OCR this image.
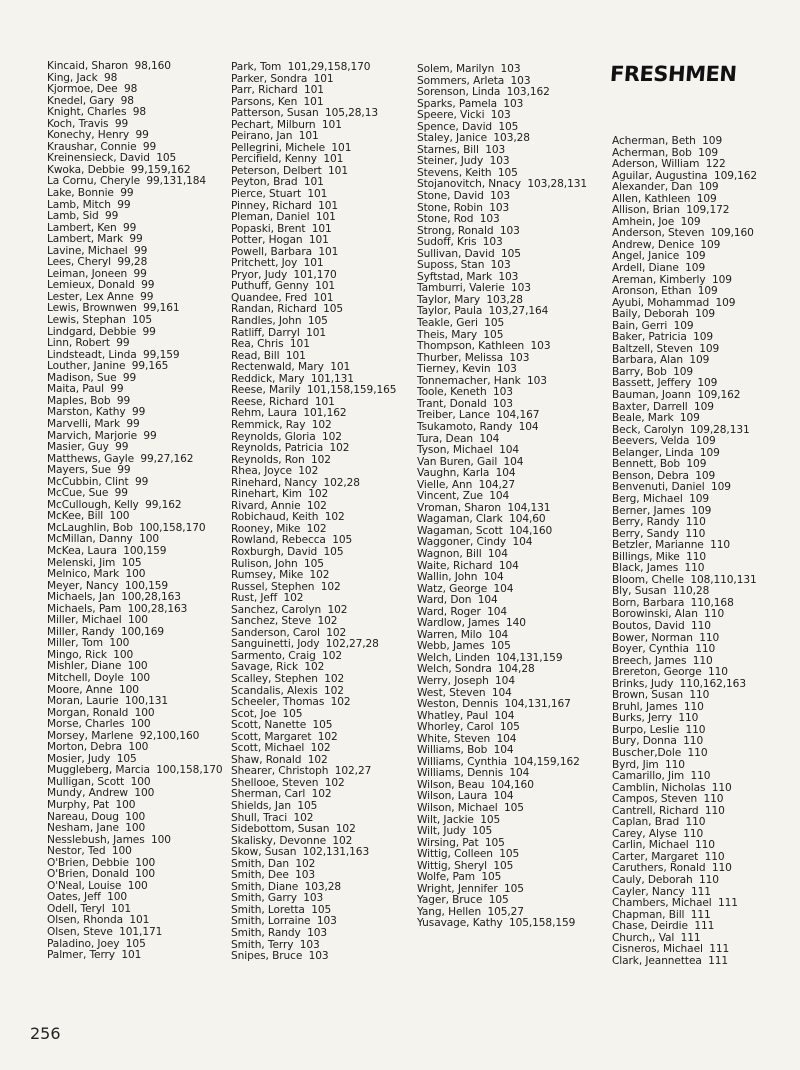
FRESHMEN
Kincaid, Sharon 98,160
King, Jack 98
Kjormoe, Dee 98
Knedel, Gary 98
Knight, Charles 98
Koch, Travis 99
Konechy, Henry 99
Kraushar, Connie 99
Kreinensieck, David 105
Kwoka, Debbie 99,159,162
La Cornu, Cheryle 99,131,184
Lake, Bonnie 99
Lamb, Mitch 99
Lamb, Sid 99
Lambert, Ken 99
Lambert, Mark 99
Lavine, Michael 99
Lees, Cheryl 99,28
Leiman, Joneen 99
Lemieux, Donald 99
Lester, Lex Anne 99
Lewis, Brownwen 99,161
Lewis, Stephan 105
Lindgard, Debbie 99
Linn, Robert 99
Lindsteadt, Linda 99,159
Louther, Janine 99,165
Madison, Sue 99
Maita, Paul 99
Maples, Bob 99
Marston, Kathy 99
Marvelli, Mark 99
Marvich, Marjorie 99
Masier, Guy 99
Matthews, Gayle 99,27,162
Mayers, Sue 99
McCubbin, Clint 99
McCue, Sue 99
McCullough, Kelly 99,162
McKee, Bill 100
McLaughlin, Bob 100,158,170
McMillan, Danny 100
McKea, Laura 100,159
Melenski, Jim 105
Melnico, Mark 100
Meyer, Nancy 100,159
Michaels, Jan 100,28,163
Michaels, Pam 100,28,163
Miller, Michael 100
Miller, Randy 100,169
Miller, Tom 100
Mingo, Rick 100
Mishler, Diane 100
Mitchell, Doyle 100
Moore, Anne 100
Moran, Laurie 100,131
Morgan, Ronald 100
Morse, Charles 100
Morsey, Marlene 92,100,160
Morton, Debra 100
Mosier, Judy 105
Muggleberg, Marcia 100,158,170
Mulligan, Scott 100
Mundy, Andrew 100
Murphy, Pat 100
Nareau, Doug 100
Nesham, Jane 100
Nesslebush, James 100
Nestor, Ted 100
O'Brien, Debbie 100
O'Brien, Donald 100
O'Neal, Louise 100
Oates, Jeff 100
Odell, Teryl 101
Olsen, Rhonda 101
Olsen, Steve 101,171
Paladino, Joey 105
Palmer, Terry 101
Park, Tom 101,29,158,170
Parker, Sondra 101
Parr, Richard 101
Parsons, Ken 101
Patterson, Susan 105,28,13
Pechart, Milburn 101
Peirano, Jan 101
Pellegrini, Michele 101
Percifield, Kenny 101
Peterson, Delbert 101
Peyton, Brad 101
Pierce, Stuart 101
Pinney, Richard 101
Pleman, Daniel 101
Popaski, Brent 101
Potter, Hogan 101
Powell, Barbara 101
Pritchett, Joy 101
Pryor, Judy 101,170
Puthuff, Genny 101
Quandee, Fred 101
Randan, Richard 105
Randles, John 105
Ratliff, Darryl 101
Rea, Chris 101
Read, Bill 101
Rectenwald, Mary 101
Reddick, Mary 101,131
Reese, Marily 101,158,159,165
Reese, Richard 101
Rehm, Laura 101,162
Remmick, Ray 102
Reynolds, Gloria 102
Reynolds, Patricia 102
Reynolds, Ron 102
Rhea, Joyce 102
Rinehard, Nancy 102,28
Rinehart, Kim 102
Rivard, Annie 102
Robichaud, Keith 102
Rooney, Mike 102
Rowland, Rebecca 105
Roxburgh, David 105
Rulison, John 105
Rumsey, Mike 102
Russel, Stephen 102
Rust, Jeff 102
Sanchez, Carolyn 102
Sanchez, Steve 102
Sanderson, Carol 102
Sanguinetti, Jody 102,27,28
Sarmento, Craig 102
Savage, Rick 102
Scalley, Stephen 102
Scandalis, Alexis 102
Scheeler, Thomas 102
Scot, Joe 105
Scott, Nanette 105
Scott, Margaret 102
Scott, Michael 102
Shaw, Ronald 102
Shearer, Christoph 102,27
Shellooe, Steven 102
Sherman, Carl 102
Shields, Jan 105
Shull, Traci 102
Sidebottom, Susan 102
Skalisky, Devonne 102
Skow, Susan 102,131,163
Smith, Dan 102
Smith, Dee 103
Smith, Diane 103,28
Smith, Garry 103
Smith, Loretta 105
Smith, Lorraine 103
Smith, Randy 103
Smith, Terry 103
Snipes, Bruce 103
Solem, Marilyn 103
Sommers, Arleta 103
Sorenson, Linda 103,162
Sparks, Pamela 103
Speere, Vicki 103
Spence, David 105
Staley, Janice 103,28
Starnes, Bill 103
Steiner, Judy 103
Stevens, Keith 105
Stojanovitch, Nnacy 103,28,131
Stone, David 103
Stone, Robin 103
Stone, Rod 103
Strong, Ronald 103
Sudoff, Kris 103
Sullivan, David 105
Suposs, Stan 103
Syftstad, Mark 103
Tamburri, Valerie 103
Taylor, Mary 103,28
Taylor, Paula 103,27,164
Teakle, Geri 105
Theis, Mary 105
Thompson, Kathleen 103
Thurber, Melissa 103
Tierney, Kevin 103
Tonnemacher, Hank 103
Toole, Keneth 103
Trant, Donald 103
Treiber, Lance 104,167
Tsukamoto, Randy 104
Tura, Dean 104
Tyson, Michael 104
Van Buren, Gail 104
Vaughn, Karla 104
Vielle, Ann 104,27
Vincent, Zue 104
Vroman, Sharon 104,131
Wagaman, Clark 104,60
Wagaman, Scott 104,160
Waggoner, Cindy 104
Wagnon, Bill 104
Waite, Richard 104
Wallin, John 104
Watz, George 104
Ward, Don 104
Ward, Roger 104
Wardlow, James 140
Warren, Milo 104
Webb, James 105
Welch, Linden 104,131,159
Welch, Sondra 104,28
Werry, Joseph 104
West, Steven 104
Weston, Dennis 104,131,167
Whatley, Paul 104
Whorley, Carol 105
White, Steven 104
Williams, Bob 104
Williams, Cynthia 104,159,162
Williams, Dennis 104
Wilson, Beau 104,160
Wilson, Laura 104
Wilson, Michael 105
Wilt, Jackie 105
Wilt, Judy 105
Wirsing, Pat 105
Wittig, Colleen 105
Wittig, Sheryl 105
Wolfe, Pam 105
Wright, Jennifer 105
Yager, Bruce 105
Yang, Hellen 105,27
Yusavage, Kathy 105,158,159
Acherman, Beth 109
Acherman, Bob 109
Aderson, William 122
Aguilar, Augustina 109,162
Alexander, Dan 109
Allen, Kathleen 109
Allison, Brian 109,172
Amhein, Joe 109
Anderson, Steven 109,160
Andrew, Denice 109
Angel, Janice 109
Ardell, Diane 109
Areman, Kimberly 109
Aronson, Ethan 109
Ayubi, Mohammad 109
Baily, Deborah 109
Bain, Gerri 109
Baker, Patricia 109
Baltzell, Steven 109
Barbara, Alan 109
Barry, Bob 109
Bassett, Jeffery 109
Bauman, Joann 109,162
Baxter, Darrell 109
Beale, Mark 109
Beck, Carolyn 109,28,131
Beevers, Velda 109
Belanger, Linda 109
Bennett, Bob 109
Benson, Debra 109
Benvenuti, Daniel 109
Berg, Michael 109
Berner, James 109
Berry, Randy 110
Berry, Sandy 110
Betzler, Marianne 110
Billings, Mike 110
Black, James 110
Bloom, Chelle 108,110,131
Bly, Susan 110,28
Born, Barbara 110,168
Borowinski, Alan 110
Boutos, David 110
Bower, Norman 110
Boyer, Cynthia 110
Breech, James 110
Brereton, George 110
Brinks, Judy 110,162,163
Brown, Susan 110
Bruhl, James 110
Burks, Jerry 110
Burpo, Leslie 110
Bury, Donna 110
Buscher,Dole 110
Byrd, Jim 110
Camarillo, Jim 110
Camblin, Nicholas 110
Campos, Steven 110
Cantrell, Richard 110
Caplan, Brad 110
Carey, Alyse 110
Carlin, Michael 110
Carter, Margaret 110
Caruthers, Ronald 110
Cauly, Deborah 110
Cayler, Nancy 111
Chambers, Michael 111
Chapman, Bill 111
Chase, Deirdie 111
Church,, Val 111
Cisneros, Michael 111
Clark, Jeannettea 111
256
